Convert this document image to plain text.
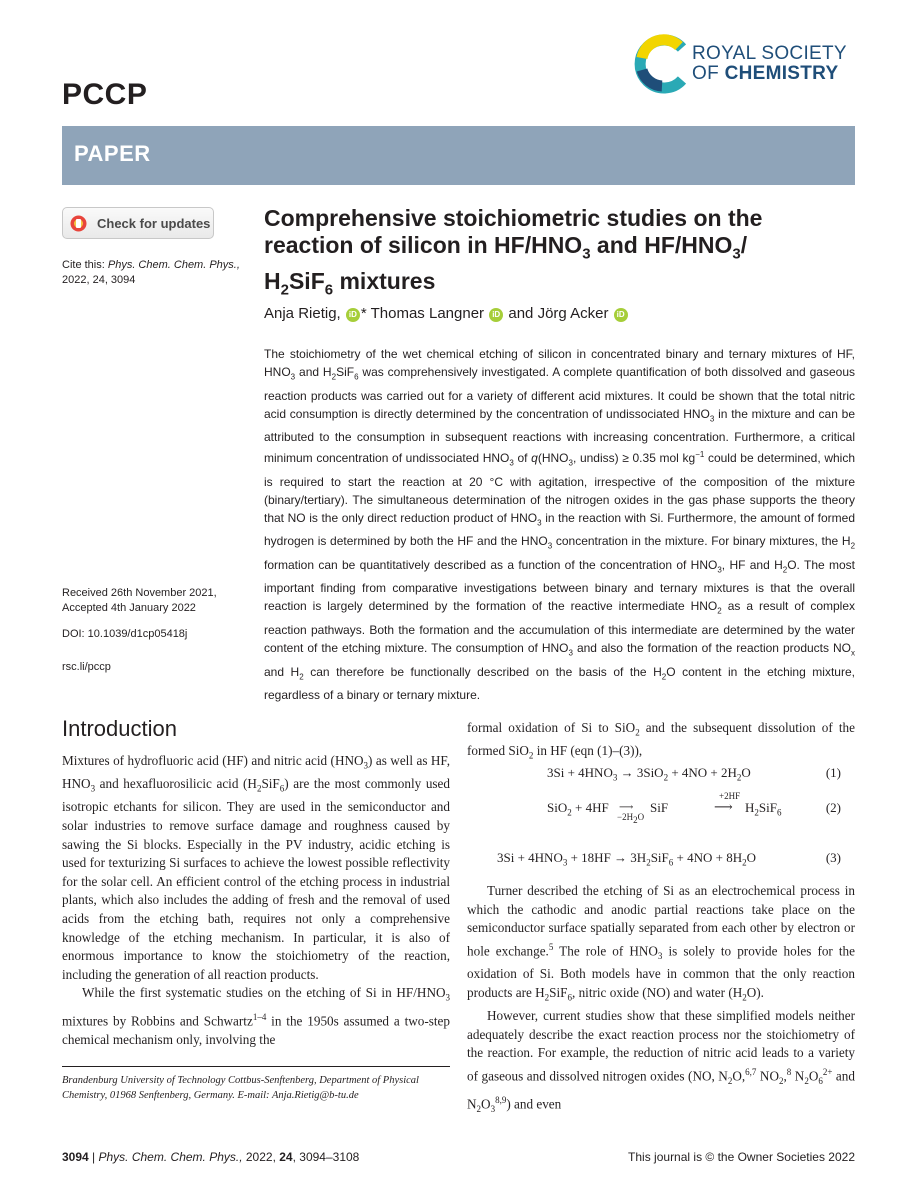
PCCP
ROYAL SOCIETY
OF CHEMISTRY
PAPER
Check for updates
Cite this: Phys. Chem. Chem. Phys.,
2022, 24, 3094
Received 26th November 2021,
Accepted 4th January 2022
DOI: 10.1039/d1cp05418j
rsc.li/pccp
Comprehensive stoichiometric studies on the
reaction of silicon in $HF/HNO_3$ and $HF/HNO_3/$
$H_2SiF_6$ mixtures
Anja Rietig, iD * Thomas Langner iD and Jörg Acker iD
The stoichiometry of the wet chemical etching of silicon in concentrated binary and ternary mixtures of HF, $HNO_3$ and $H_2SiF_6$ was comprehensively investigated. A complete quantification of both dissolved and gaseous reaction products was carried out for a variety of different acid mixtures. It could be shown that the total nitric acid consumption is directly determined by the concentration of undissociated $HNO_3$ in the mixture and can be attributed to the consumption in subsequent reactions with increasing concentration. Furthermore, a critical minimum concentration of undissociated $HNO_3$ of $q(HNO_3$, undiss) ≥ 0.35 mol $kg^{-1}$ could be determined, which is required to start the reaction at 20 °C with agitation, irrespective of the composition of the mixture (binary/tertiary). The simultaneous determination of the nitrogen oxides in the gas phase supports the theory that NO is the only direct reduction product of $HNO_3$ in the reaction with Si. Furthermore, the amount of formed hydrogen is determined by both the HF and the $HNO_3$ concentration in the mixture. For binary mixtures, the $H_2$ formation can be quantitatively described as a function of the concentration of $HNO_3$, HF and $H_2O$. The most important finding from comparative investigations between binary and ternary mixtures is that the overall reaction is largely determined by the formation of the reactive intermediate $HNO_2$ as a result of complex reaction pathways. Both the formation and the accumulation of this intermediate are determined by the water content of the etching mixture. The consumption of $HNO_3$ and also the formation of the reaction products $NO_x$ and $H_2$ can therefore be functionally described on the basis of the $H_2O$ content in the etching mixture, regardless of a binary or ternary mixture.
Introduction

Mixtures of hydrofluoric acid (HF) and nitric acid $(HNO_3)$ as well as HF, $HNO_3$ and hexafluorosilicic acid $(H_2SiF_6)$ are the most commonly used isotropic etchants for silicon. They are used in the semiconductor and solar industries to remove surface damage and roughness caused by sawing the Si blocks. Especially in the PV industry, acidic etching is used for texturizing Si surfaces to achieve the lowest possible reflectivity for the solar cell. An efficient control of the etching process in industrial plants, which also includes the adding of fresh and the removal of used acids from the etching bath, requires not only a comprehensive knowledge of the etching mechanism. In particular, it is also of enormous importance to know the stoichiometry of the reaction, including the generation of all reaction products.

While the first systematic studies on the etching of Si in $HF/HNO_3$ mixtures by Robbins and Schwartz$^{1-4}$ in the 1950s assumed a two-step chemical mechanism only, involving the

formal oxidation of Si to SiO$_2$ and the subsequent dissolution of the formed SiO$_2$ in HF (eqn (1)–(3)),

$3Si + 4HNO_3 \to 3SiO_2 + 4NO + 2H_2O$	(1)
SiO$_2$ + 4HF ⟶
$-2H_2O$
SiF
+2HF
⟶ $H_2SiF_6$	(2)
$3Si + 4HNO_3 + 18HF \to 3H_2SiF_6 + 4NO + 8H_2O$	(3)

Turner described the etching of Si as an electrochemical process in which the cathodic and anodic partial reactions take place on the semiconductor surface spatially separated from each other by electron or hole exchange.$^5$ The role of $HNO_3$ is solely to provide holes for the oxidation of Si. Both models have in common that the only reaction products are $H_2SiF_6$, nitric oxide (NO) and water $(H_2O)$.

However, current studies show that these simplified models neither adequately describe the exact reaction process nor the stoichiometry of the reaction. For example, the reduction of nitric acid leads to a variety of gaseous and dissolved nitrogen oxides (NO, $N_2O,^{6,7}$ $NO_2,^8$ $N_2O_6^{2+}$ and $N_2O_3^{8,9}$) and even

Brandenburg University of Technology Cottbus-Senftenberg, Department of Physical Chemistry, 01968 Senftenberg, Germany. E-mail: Anja.Rietig@b-tu.de
3094 | Phys. Chem. Chem. Phys., 2022, 24, 3094–3108	This journal is © the Owner Societies 2022
